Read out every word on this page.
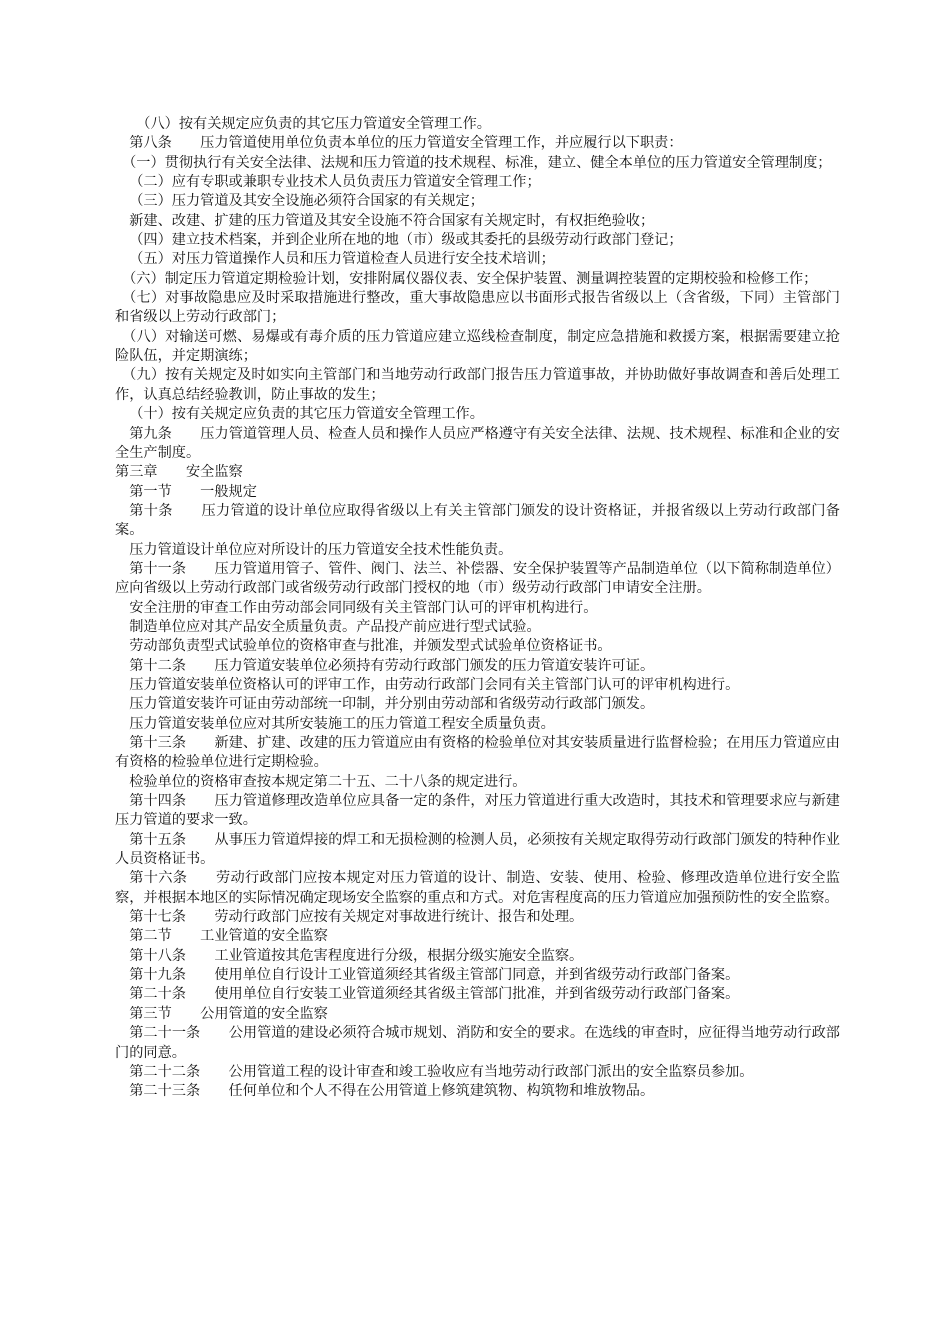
（八）按有关规定应负责的其它压力管道安全管理工作。

第八条 压力管道使用单位负责本单位的压力管道安全管理工作，并应履行以下职责：

（一）贯彻执行有关安全法律、法规和压力管道的技术规程、标准，建立、健全本单位的压力管道安全管理制度；

（二）应有专职或兼职专业技术人员负责压力管道安全管理工作；

（三）压力管道及其安全设施必须符合国家的有关规定；

新建、改建、扩建的压力管道及其安全设施不符合国家有关规定时，有权拒绝验收；

（四）建立技术档案，并到企业所在地的地（市）级或其委托的县级劳动行政部门登记；

（五）对压力管道操作人员和压力管道检查人员进行安全技术培训；

（六）制定压力管道定期检验计划，安排附属仪器仪表、安全保护装置、测量调控装置的定期校验和检修工作；

（七）对事故隐患应及时采取措施进行整改，重大事故隐患应以书面形式报告省级以上（含省级，下同）主管部门和省级以上劳动行政部门；

（八）对输送可燃、易爆或有毒介质的压力管道应建立巡线检查制度，制定应急措施和救援方案，根据需要建立抢险队伍，并定期演练；

（九）按有关规定及时如实向主管部门和当地劳动行政部门报告压力管道事故，并协助做好事故调查和善后处理工作，认真总结经验教训，防止事故的发生；

（十）按有关规定应负责的其它压力管道安全管理工作。

第九条 压力管道管理人员、检查人员和操作人员应严格遵守有关安全法律、法规、技术规程、标准和企业的安全生产制度。

第三章 安全监察

第一节 一般规定

第十条 压力管道的设计单位应取得省级以上有关主管部门颁发的设计资格证，并报省级以上劳动行政部门备案。

压力管道设计单位应对所设计的压力管道安全技术性能负责。

第十一条 压力管道用管子、管件、阀门、法兰、补偿器、安全保护装置等产品制造单位（以下简称制造单位）应向省级以上劳动行政部门或省级劳动行政部门授权的地（市）级劳动行政部门申请安全注册。

安全注册的审查工作由劳动部会同同级有关主管部门认可的评审机构进行。

制造单位应对其产品安全质量负责。产品投产前应进行型式试验。

劳动部负责型式试验单位的资格审查与批准，并颁发型式试验单位资格证书。

第十二条 压力管道安装单位必须持有劳动行政部门颁发的压力管道安装许可证。

压力管道安装单位资格认可的评审工作，由劳动行政部门会同有关主管部门认可的评审机构进行。

压力管道安装许可证由劳动部统一印制，并分别由劳动部和省级劳动行政部门颁发。

压力管道安装单位应对其所安装施工的压力管道工程安全质量负责。

第十三条 新建、扩建、改建的压力管道应由有资格的检验单位对其安装质量进行监督检验；在用压力管道应由有资格的检验单位进行定期检验。

检验单位的资格审查按本规定第二十五、二十八条的规定进行。

第十四条 压力管道修理改造单位应具备一定的条件，对压力管道进行重大改造时，其技术和管理要求应与新建压力管道的要求一致。

第十五条 从事压力管道焊接的焊工和无损检测的检测人员，必须按有关规定取得劳动行政部门颁发的特种作业人员资格证书。

第十六条 劳动行政部门应按本规定对压力管道的设计、制造、安装、使用、检验、修理改造单位进行安全监察，并根据本地区的实际情况确定现场安全监察的重点和方式。对危害程度高的压力管道应加强预防性的安全监察。

第十七条 劳动行政部门应按有关规定对事故进行统计、报告和处理。

第二节 工业管道的安全监察

第十八条 工业管道按其危害程度进行分级，根据分级实施安全监察。

第十九条 使用单位自行设计工业管道须经其省级主管部门同意，并到省级劳动行政部门备案。

第二十条 使用单位自行安装工业管道须经其省级主管部门批准，并到省级劳动行政部门备案。

第三节 公用管道的安全监察

第二十一条 公用管道的建设必须符合城市规划、消防和安全的要求。在选线的审查时，应征得当地劳动行政部门的同意。

第二十二条 公用管道工程的设计审查和竣工验收应有当地劳动行政部门派出的安全监察员参加。

第二十三条 任何单位和个人不得在公用管道上修筑建筑物、构筑物和堆放物品。
